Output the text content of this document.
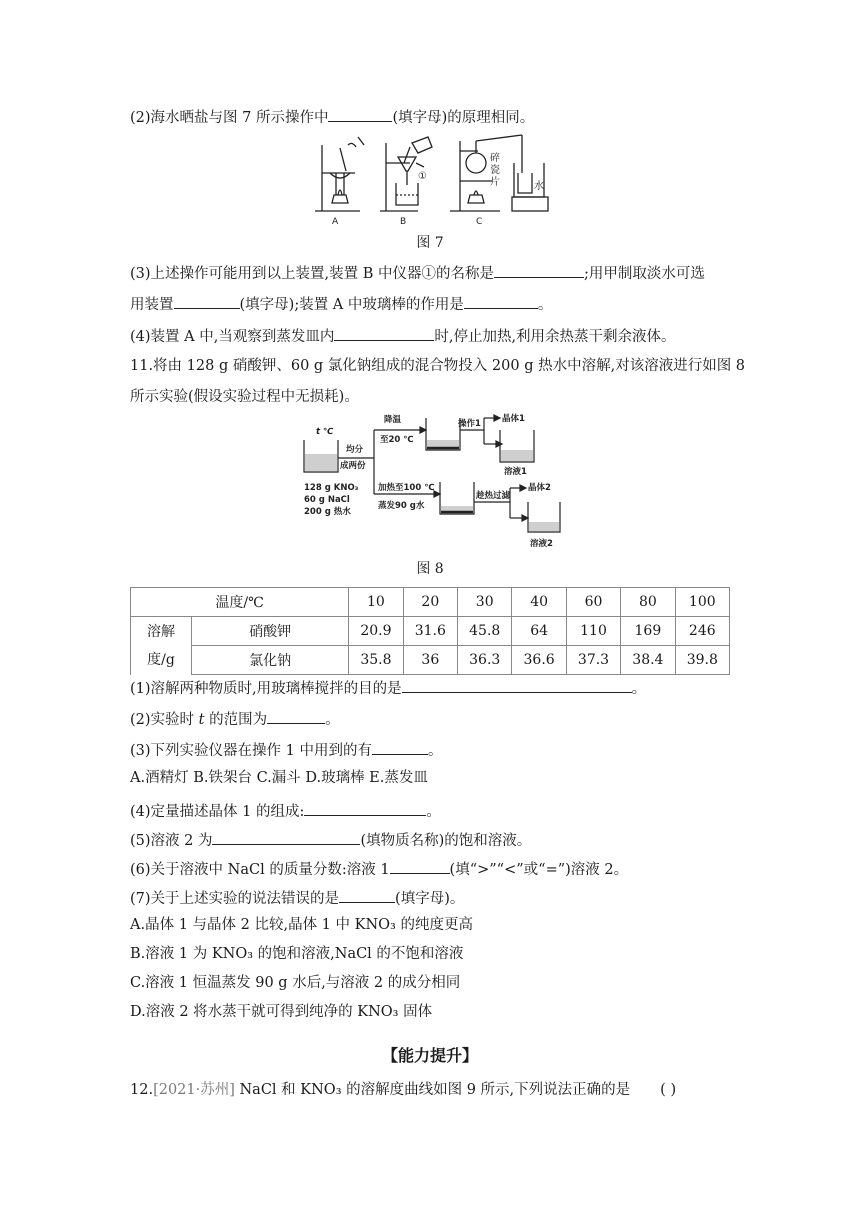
(2)海水晒盐与图 7 所示操作中	(填字母)的原理相同。
A	B	C
①
碎
瓷
片	水
图 7
(3)上述操作可能用到以上装置,装置 B 中仪器①的名称是	;用甲制取淡水可选
用装置	(填字母);装置 A 中玻璃棒的作用是	。
(4)装置 A 中,当观察到蒸发皿内	时,停止加热,利用余热蒸干剩余液体。
11.将由 128 g 硝酸钾、60 g 氯化钠组成的混合物投入 200 g 热水中溶解,对该溶液进行如图 8
所示实验(假设实验过程中无损耗)。
t ℃
128 g KNO₃
60 g NaCl
200 g 热水
均分
成两份
降温
至20 ℃
操作1 晶体1
溶液1
加热至100 ℃
蒸发90 g水
趁热过滤
晶体2
溶液2
图 8
温度/℃		10	20	30	40	60	80	100

溶解
度/g	硝酸钾	20.9	31.6	45.8	64	110	169	246
	氯化钠	35.8	36	36.3	36.6	37.3	38.4	39.8
(1)溶解两种物质时,用玻璃棒搅拌的目的是	。
(2)实验时 t 的范围为	。
(3)下列实验仪器在操作 1 中用到的有	。
A.酒精灯 B.铁架台 C.漏斗 D.玻璃棒 E.蒸发皿
(4)定量描述晶体 1 的组成:	。
(5)溶液 2 为	(填物质名称)的饱和溶液。
(6)关于溶液中 NaCl 的质量分数:溶液 1	(填“>”“<”或“=”)溶液 2。
(7)关于上述实验的说法错误的是	(填字母)。
A.晶体 1 与晶体 2 比较,晶体 1 中 KNO₃ 的纯度更高
B.溶液 1 为 KNO₃ 的饱和溶液,NaCl 的不饱和溶液
C.溶液 1 恒温蒸发 90 g 水后,与溶液 2 的成分相同
D.溶液 2 将水蒸干就可得到纯净的 KNO₃ 固体
【能力提升】
12.[2021·苏州] NaCl 和 KNO₃ 的溶解度曲线如图 9 所示,下列说法正确的是 ( )
